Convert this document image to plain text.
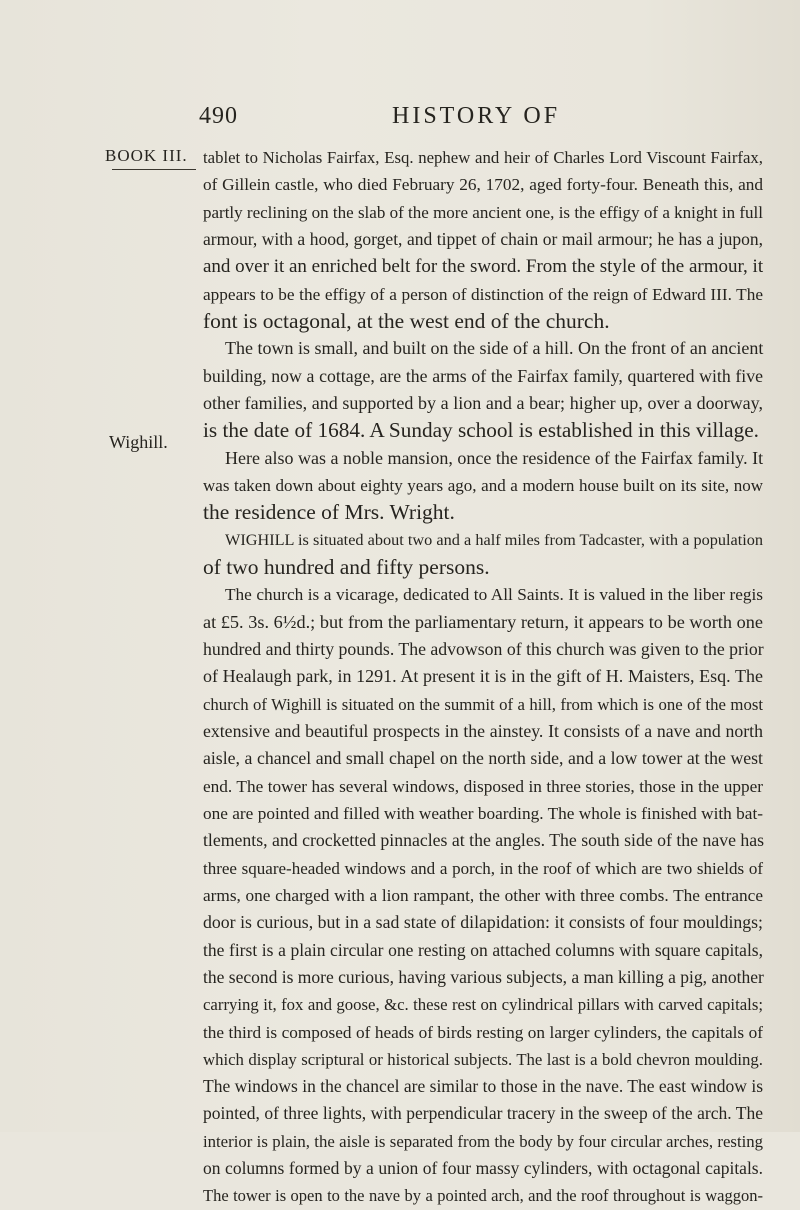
490	HISTORY OF
BOOK III.
Wighill.
tablet to Nicholas Fairfax, Esq. nephew and heir of Charles Lord Viscount Fairfax,
of Gillein castle, who died February 26, 1702, aged forty-four. Beneath this, and
partly reclining on the slab of the more ancient one, is the effigy of a knight in full
armour, with a hood, gorget, and tippet of chain or mail armour; he has a jupon,
and over it an enriched belt for the sword. From the style of the armour, it
appears to be the effigy of a person of distinction of the reign of Edward III. The
font is octagonal, at the west end of the church.
The town is small, and built on the side of a hill. On the front of an ancient
building, now a cottage, are the arms of the Fairfax family, quartered with five
other families, and supported by a lion and a bear; higher up, over a doorway,
is the date of 1684. A Sunday school is established in this village.
Here also was a noble mansion, once the residence of the Fairfax family. It
was taken down about eighty years ago, and a modern house built on its site, now
the residence of Mrs. Wright.
WIGHILL is situated about two and a half miles from Tadcaster, with a population
of two hundred and fifty persons.
The church is a vicarage, dedicated to All Saints. It is valued in the liber regis
at £5. 3s. 6½d.; but from the parliamentary return, it appears to be worth one
hundred and thirty pounds. The advowson of this church was given to the prior
of Healaugh park, in 1291. At present it is in the gift of H. Maisters, Esq. The
church of Wighill is situated on the summit of a hill, from which is one of the most
extensive and beautiful prospects in the ainstey. It consists of a nave and north
aisle, a chancel and small chapel on the north side, and a low tower at the west
end. The tower has several windows, disposed in three stories, those in the upper
one are pointed and filled with weather boarding. The whole is finished with bat-
tlements, and crocketted pinnacles at the angles. The south side of the nave has
three square-headed windows and a porch, in the roof of which are two shields of
arms, one charged with a lion rampant, the other with three combs. The entrance
door is curious, but in a sad state of dilapidation: it consists of four mouldings;
the first is a plain circular one resting on attached columns with square capitals,
the second is more curious, having various subjects, a man killing a pig, another
carrying it, fox and goose, &c. these rest on cylindrical pillars with carved capitals;
the third is composed of heads of birds resting on larger cylinders, the capitals of
which display scriptural or historical subjects. The last is a bold chevron moulding.
The windows in the chancel are similar to those in the nave. The east window is
pointed, of three lights, with perpendicular tracery in the sweep of the arch. The
interior is plain, the aisle is separated from the body by four circular arches, resting
on columns formed by a union of four massy cylinders, with octagonal capitals.
The tower is open to the nave by a pointed arch, and the roof throughout is waggon-
